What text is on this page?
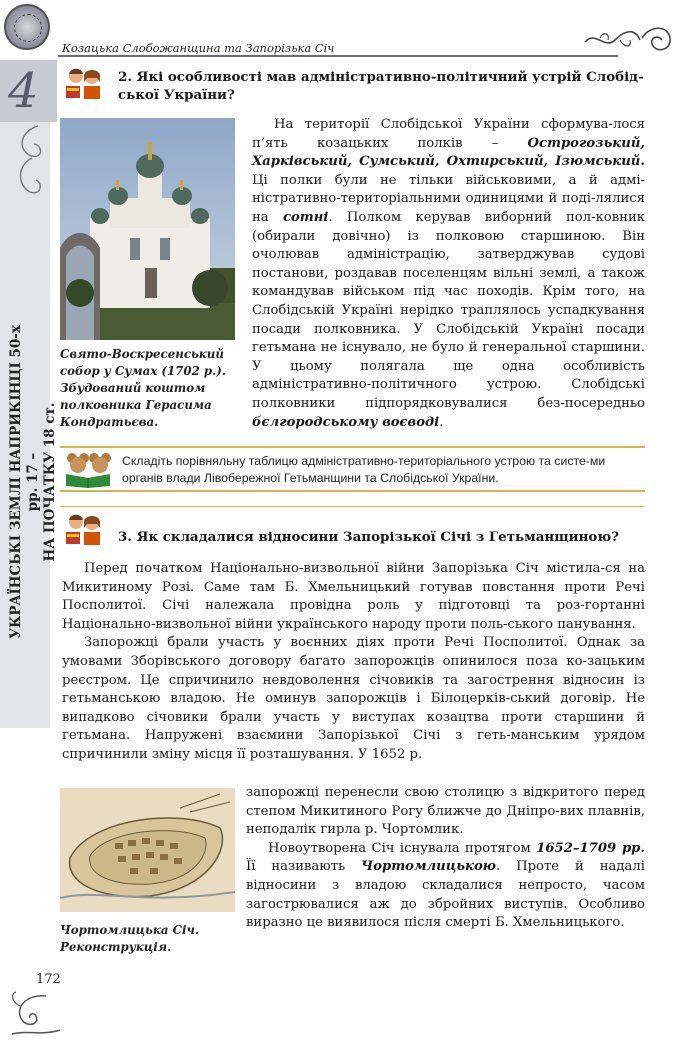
Козацька Слобожанщина та Запорізька Січ
4
УКРАЇНСЬКІ ЗЕМЛІ НАПРИКІНЦІ 50-х рр. 17 – НА ПОЧАТКУ 18 ст.
172
2. Які особливості мав адміністративно-політичний устрій Слобід-
ської України?
Свято-Воскресенський собор у Сумах (1702 р.). Збудований коштом полковника Герасима Кондратьєва.

На території Слобідської України сформува-лося п’ять козацьких полків – Острогозький, Харківський, Сумський, Охтирський, Ізюмський. Ці полки були не тільки військовими, а й адмі-ністративно-територіальними одиницями й поді-лялися на сотні. Полком керував виборний пол-ковник (обирали довічно) із полковою старшиною. Він очолював адміністрацію, затверджував судові постанови, роздавав поселенцям вільні землі, а також командував військом під час походів. Крім того, на Слобідській Україні нерідко траплялось успадкування посади полковника. У Слобідській Україні посади гетьмана не існувало, не було й генеральної старшини. У цьому полягала ще одна особливість адміністративно-політичного устрою. Слобідські полковники підпорядковувалися без-посередньо бєлгородському воєводі.

Складіть порівняльну таблицю адміністративно-територіального устрою та систе-ми органів влади Лівобережної Гетьманщини та Слобідської України.
3. Як складалися відносини Запорізької Січі з Гетьманщиною?

Перед початком Національно-визвольної війни Запорізька Січ містила-ся на Микитиному Розі. Саме там Б. Хмельницький готував повстання проти Речі Посполитої. Січі належала провідна роль у підготовці та роз-гортанні Національно-визвольної війни українського народу проти поль-ського панування.

Запорожці брали участь у воєнних діях проти Речі Посполитої. Однак за умовами Зборівського договору багато запорожців опинилося поза ко-зацьким реєстром. Це спричинило невдоволення січовиків та загострення відносин із гетьманською владою. Не оминув запорожців і Білоцерків-ський договір. Не випадково січовики брали участь у виступах козацтва проти старшини й гетьмана. Напружені взаємини Запорізької Січі з геть-манським урядом спричинили зміну місця її розташування. У 1652 р.

Чортомлицька Січ. Реконструкція.

запорожці перенесли свою столицю з відкритого перед степом Микитиного Рогу ближче до Дніпро-вих плавнів, неподалік гирла р. Чортомлик.

Новоутворена Січ існувала протягом 1652–1709 рр. Її називають Чортомлицькою. Проте й надалі відносини з владою складалися непросто, часом загострювалися аж до збройних виступів. Особливо виразно це виявилося після смерті Б. Хмельницького.
